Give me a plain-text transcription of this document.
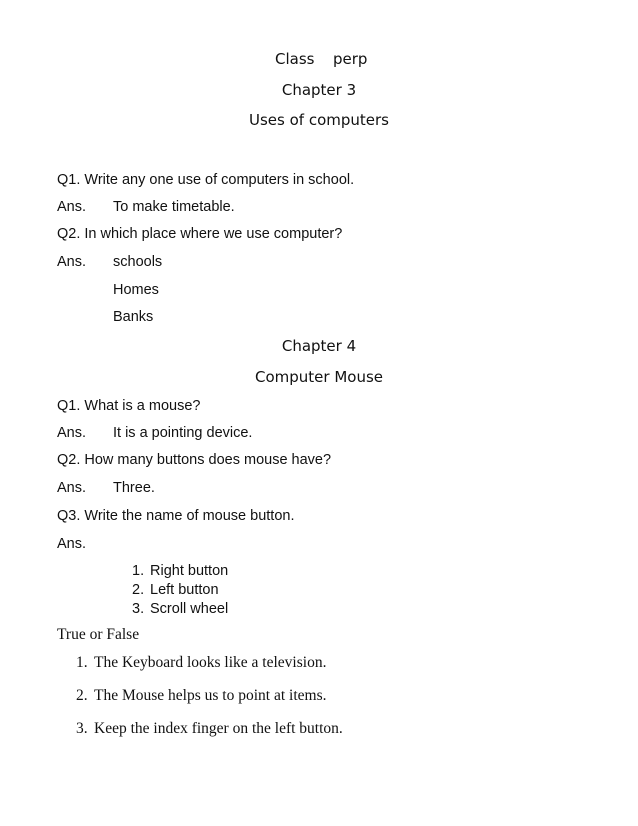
Class perp
Chapter 3
Uses of computers
Q1. Write any one use of computers in school.
Ans. To make timetable.
Q2. In which place where we use computer?
Ans. schools
Homes
Banks
Chapter 4
Computer Mouse
Q1. What is a mouse?
Ans. It is a pointing device.
Q2. How many buttons does mouse have?
Ans. Three.
Q3. Write the name of mouse button.
Ans.
1. Right button
2. Left button
3. Scroll wheel
True or False
1. The Keyboard looks like a television.
2. The Mouse helps us to point at items.
3. Keep the index finger on the left button.
